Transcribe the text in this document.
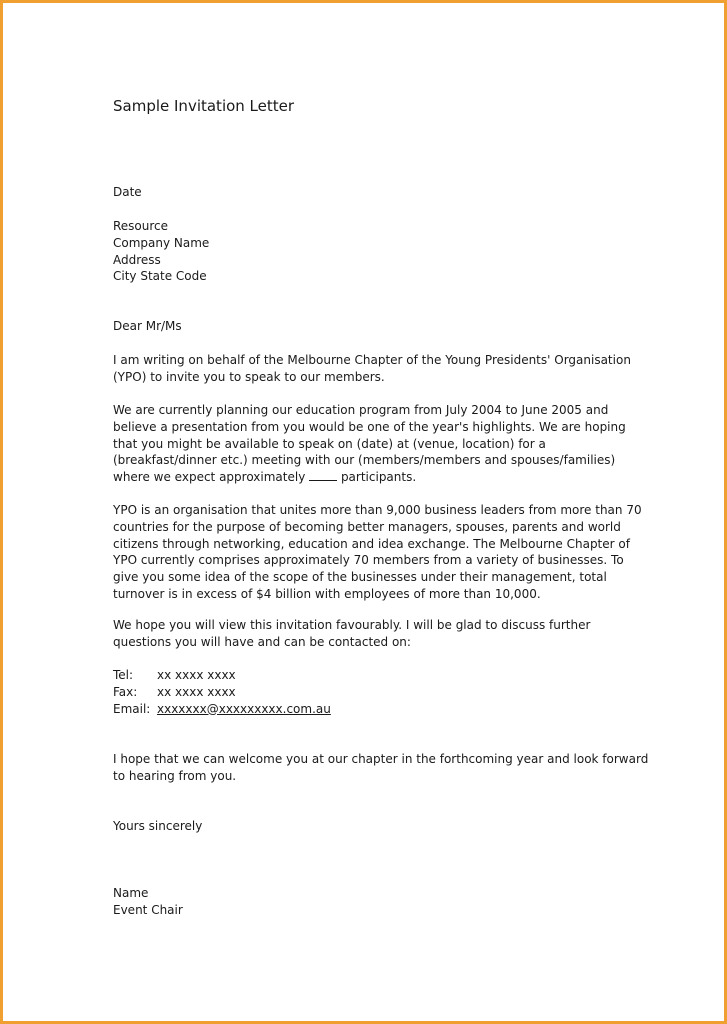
Sample Invitation Letter
Date
Resource
Company Name
Address
City State Code
Dear Mr/Ms
I am writing on behalf of the Melbourne Chapter of the Young Presidents' Organisation
(YPO) to invite you to speak to our members.
We are currently planning our education program from July 2004 to June 2005 and
believe a presentation from you would be one of the year's highlights. We are hoping
that you might be available to speak on (date) at (venue, location) for a
(breakfast/dinner etc.) meeting with our (members/members and spouses/families)
where we expect approximately  participants.
YPO is an organisation that unites more than 9,000 business leaders from more than 70
countries for the purpose of becoming better managers, spouses, parents and world
citizens through networking, education and idea exchange. The Melbourne Chapter of
YPO currently comprises approximately 70 members from a variety of businesses. To
give you some idea of the scope of the businesses under their management, total
turnover is in excess of $4 billion with employees of more than 10,000.
We hope you will view this invitation favourably. I will be glad to discuss further
questions you will have and can be contacted on:
Tel: xx xxxx xxxx
Fax: xx xxxx xxxx
Email: xxxxxxx@xxxxxxxxx.com.au
I hope that we can welcome you at our chapter in the forthcoming year and look forward
to hearing from you.
Yours sincerely
Name
Event Chair
